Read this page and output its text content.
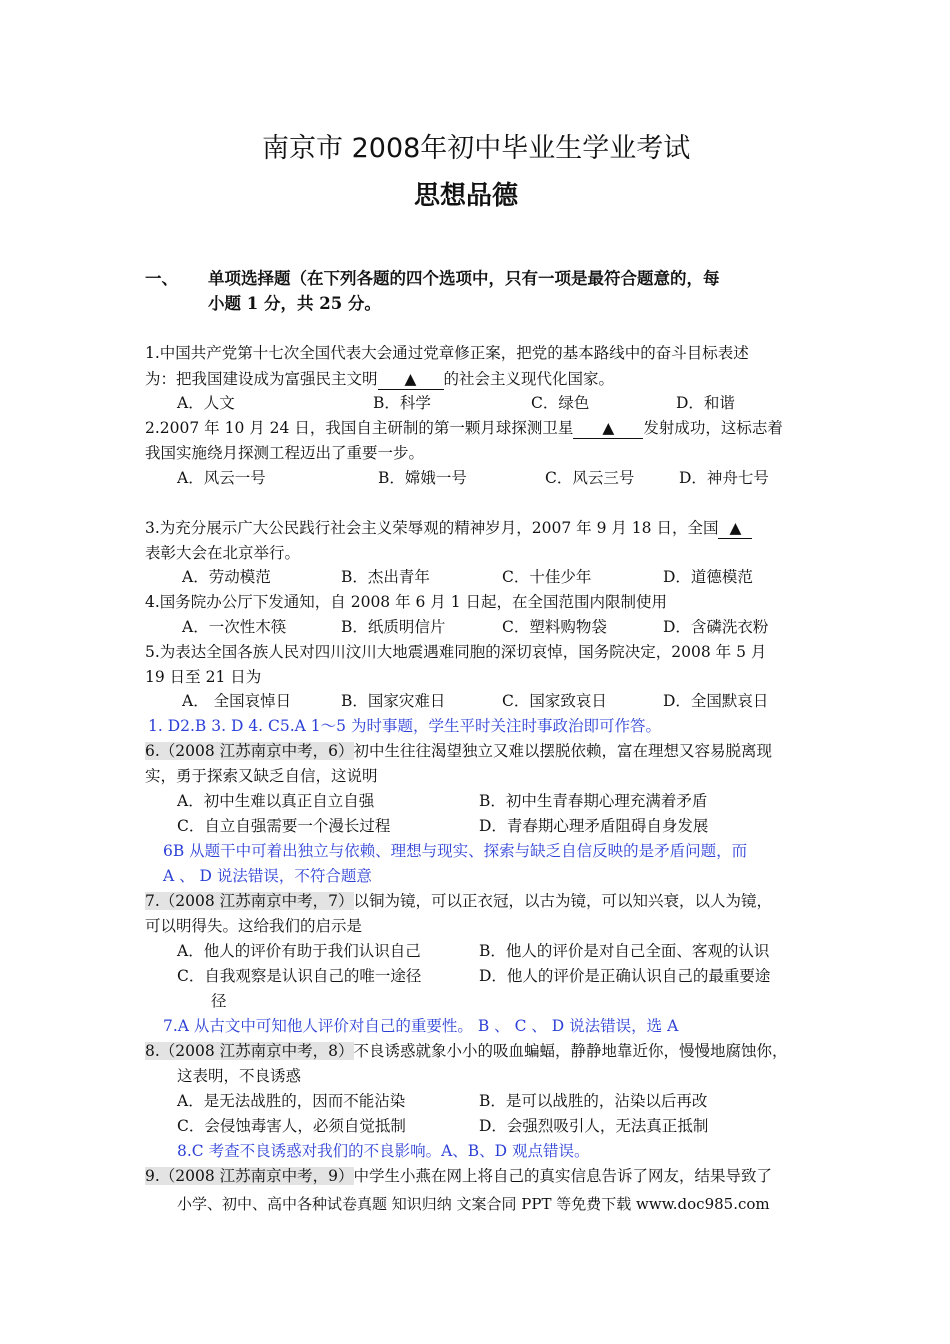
南京市 2008年初中毕业生学业考试
思想品德
一、 单项选择题（在下列各题的四个选项中，只有一项是最符合题意的，每
小题 1 分，共 25 分。
1.中国共产党第十七次全国代表大会通过党章修正案，把党的基本路线中的奋斗目标表述
为：把我国建设成为富强民主文明 ▲ 的社会主义现代化国家。
A．人文	B．科学	C．绿色	D．和谐
2.2007 年 10 月 24 日，我国自主研制的第一颗月球探测卫星 ▲ 发射成功，这标志着
我国实施绕月探测工程迈出了重要一步。
A．风云一号	B．嫦娥一号	C．风云三号	D．神舟七号
3.为充分展示广大公民践行社会主义荣辱观的精神岁月，2007 年 9 月 18 日，全国 ▲
表彰大会在北京举行。
A．劳动模范	B．杰出青年	C．十佳少年	D．道德模范
4.国务院办公厅下发通知，自 2008 年 6 月 1 日起，在全国范围内限制使用
A．一次性木筷	B．纸质明信片	C．塑料购物袋	D．含磷洗衣粉
5.为表达全国各族人民对四川汶川大地震遇难同胞的深切哀悼，国务院决定，2008 年 5 月
19 日至 21 日为
A． 全国哀悼日	B．国家灾难日	C．国家致哀日	D．全国默哀日
1. D2.B 3. D 4. C5.A 1～5 为时事题，学生平时关注时事政治即可作答。
6.（2008 江苏南京中考，6）初中生往往渴望独立又难以摆脱依赖，富在理想又容易脱离现
实，勇于探索又缺乏自信，这说明
A．初中生难以真正自立自强	B．初中生青春期心理充满着矛盾
C．自立自强需要一个漫长过程	D．青春期心理矛盾阻碍自身发展
6B 从题干中可着出独立与依赖、理想与现实、探索与缺乏自信反映的是矛盾问题，而
A 、 D 说法错误，不符合题意
7.（2008 江苏南京中考，7）以铜为镜，可以正衣冠，以古为镜，可以知兴衰，以人为镜，
可以明得失。这给我们的启示是
A．他人的评价有助于我们认识自己	B．他人的评价是对自己全面、客观的认识
C．自我观察是认识自己的唯一途径	D．他人的评价是正确认识自己的最重要途
径
7.A 从古文中可知他人评价对自己的重要性。 B 、 C 、 D 说法错误，选 A
8.（2008 江苏南京中考，8）不良诱惑就象小小的吸血蝙蝠，静静地靠近你，慢慢地腐蚀你，
这表明，不良诱惑
A．是无法战胜的，因而不能沾染	B．是可以战胜的，沾染以后再改
C．会侵蚀毒害人，必须自觉抵制	D．会强烈吸引人，无法真正抵制
8.C 考查不良诱惑对我们的不良影响。A、B、D 观点错误。
9.（2008 江苏南京中考，9）中学生小燕在网上将自己的真实信息告诉了网友，结果导致了
小学、初中、高中各种试卷真题 知识归纳 文案合同 PPT 等免费下载 www.doc985.com
